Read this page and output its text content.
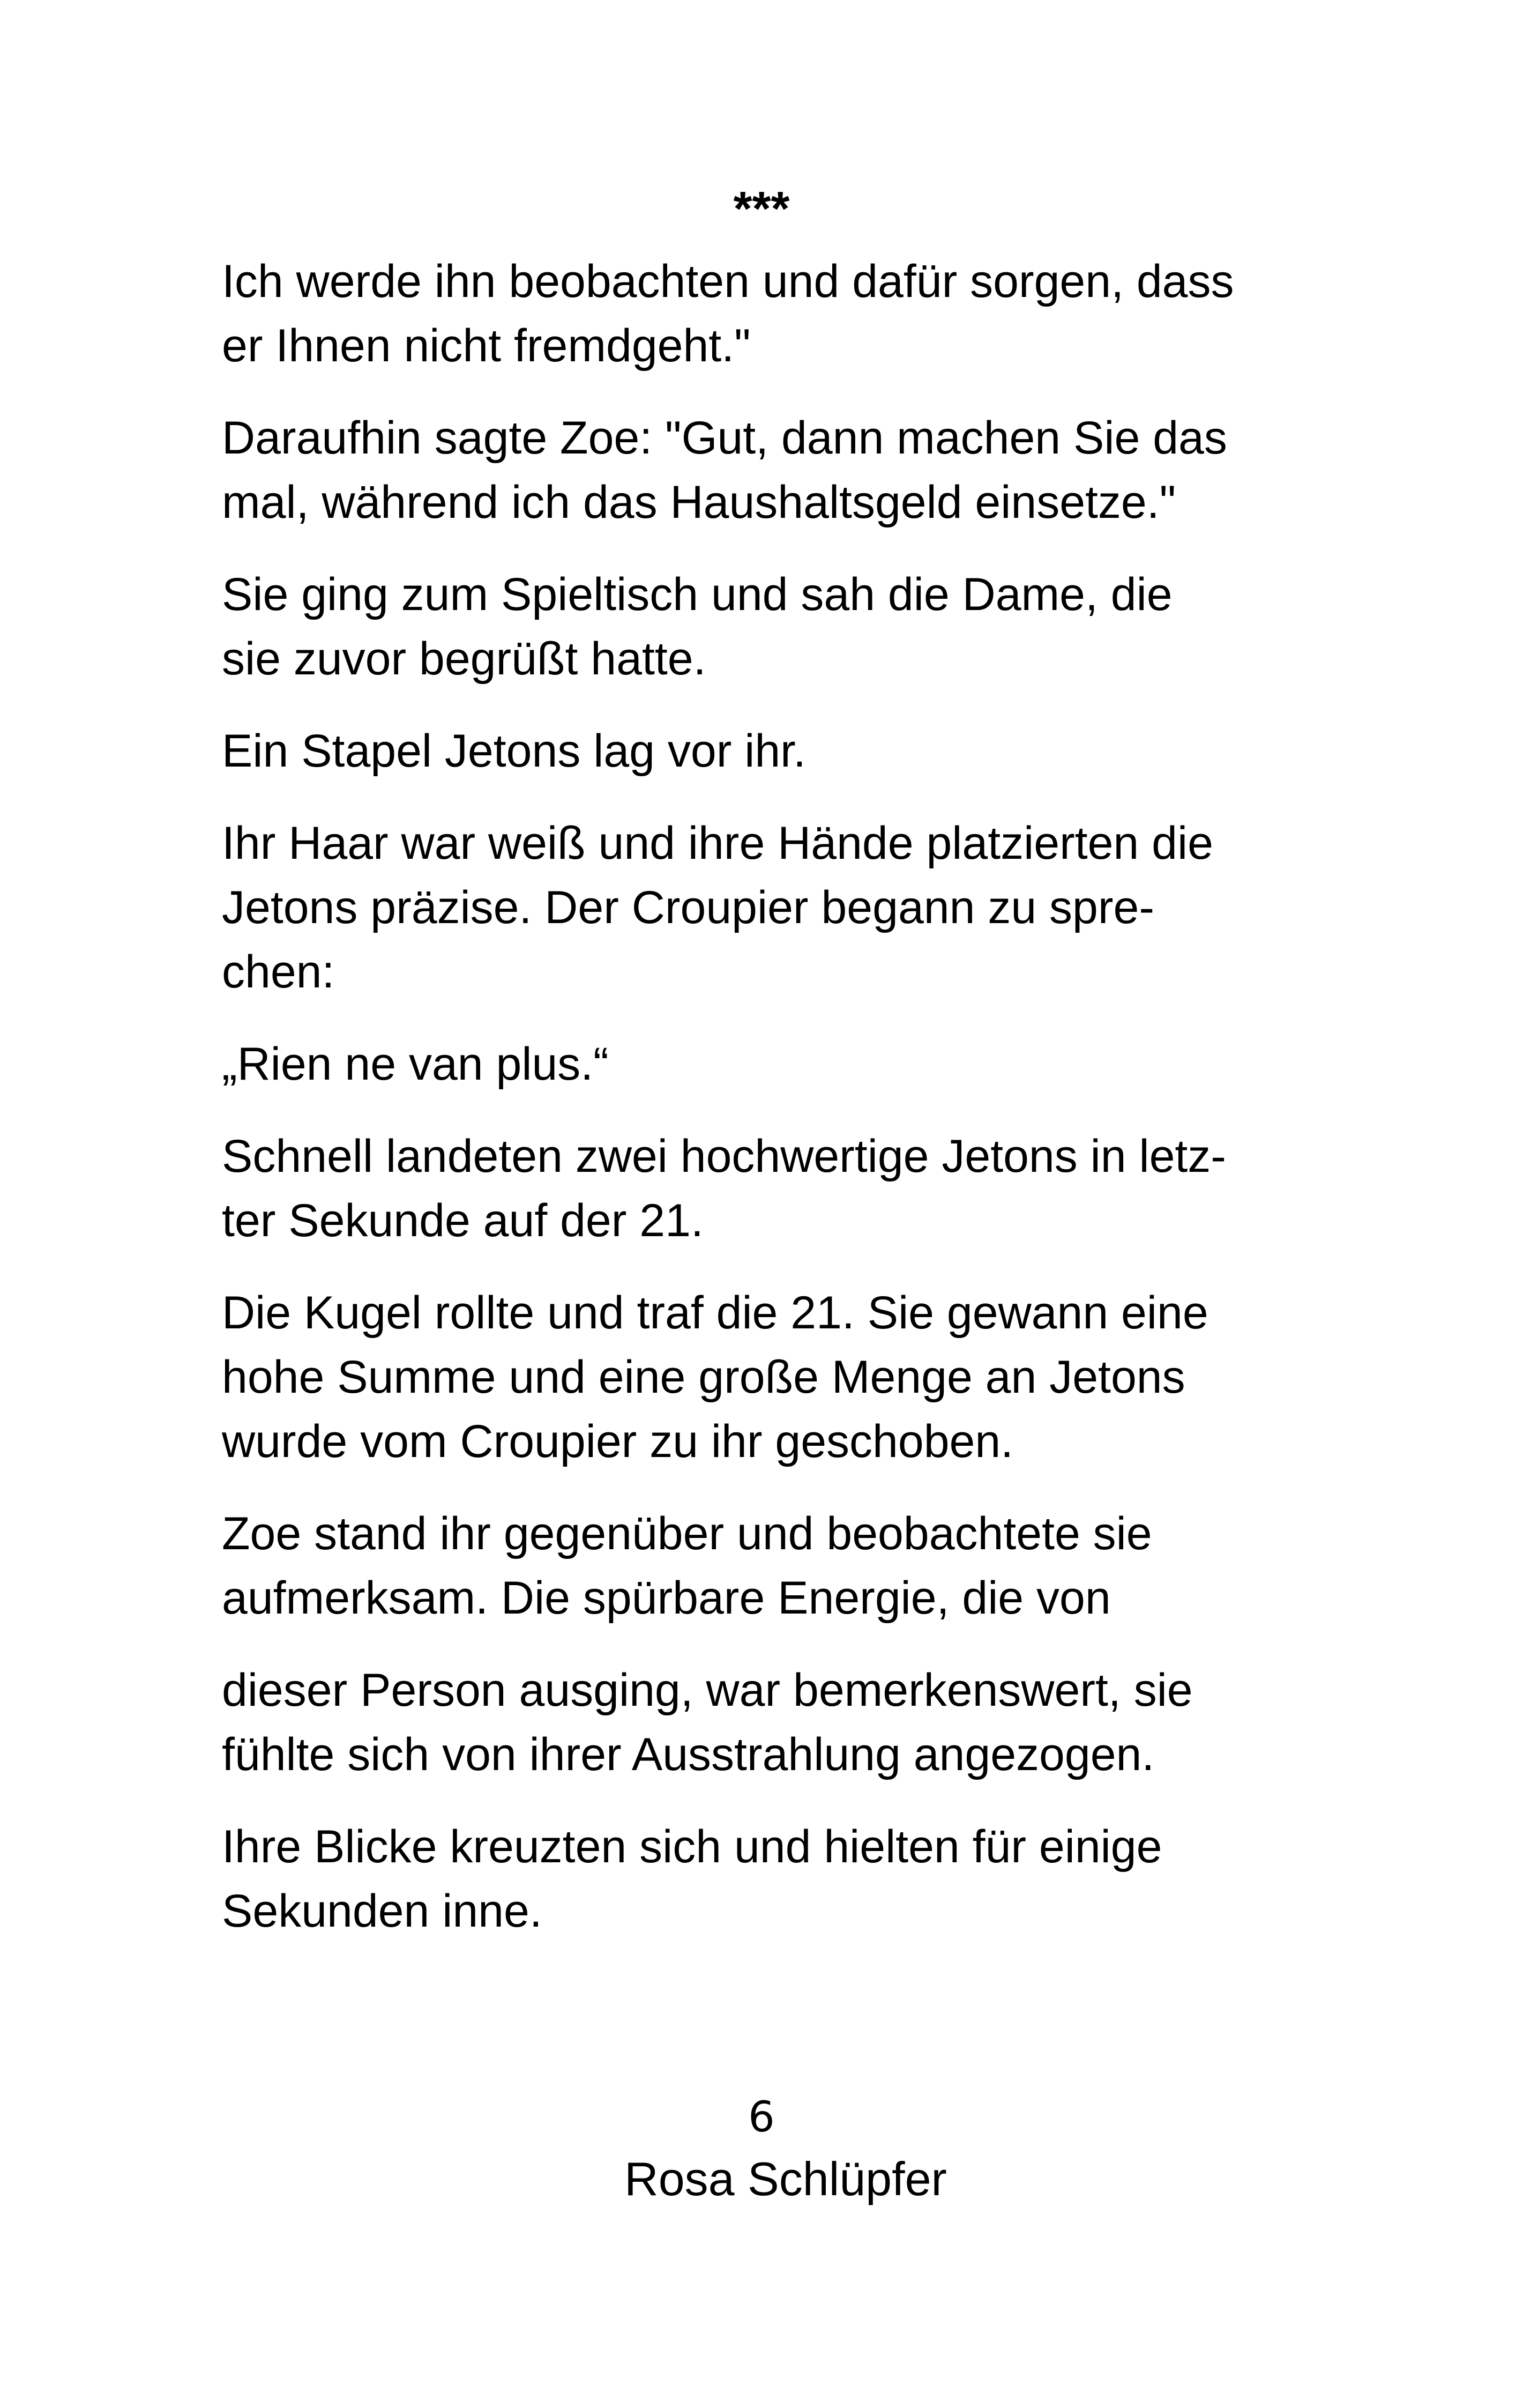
***

Ich werde ihn beobachten und dafür sorgen, dass
er Ihnen nicht fremdgeht."

Daraufhin sagte Zoe: "Gut, dann machen Sie das
mal, während ich das Haushaltsgeld einsetze."

Sie ging zum Spieltisch und sah die Dame, die
sie zuvor begrüßt hatte.

Ein Stapel Jetons lag vor ihr.

Ihr Haar war weiß und ihre Hände platzierten die
Jetons präzise. Der Croupier begann zu spre-
chen:

„Rien ne van plus.“

Schnell landeten zwei hochwertige Jetons in letz-
ter Sekunde auf der 21.

Die Kugel rollte und traf die 21. Sie gewann eine
hohe Summe und eine große Menge an Jetons
wurde vom Croupier zu ihr geschoben.

Zoe stand ihr gegenüber und beobachtete sie
aufmerksam. Die spürbare Energie, die von

dieser Person ausging, war bemerkenswert, sie
fühlte sich von ihrer Ausstrahlung angezogen.

Ihre Blicke kreuzten sich und hielten für einige
Sekunden inne.

6
Rosa Schlüpfer
